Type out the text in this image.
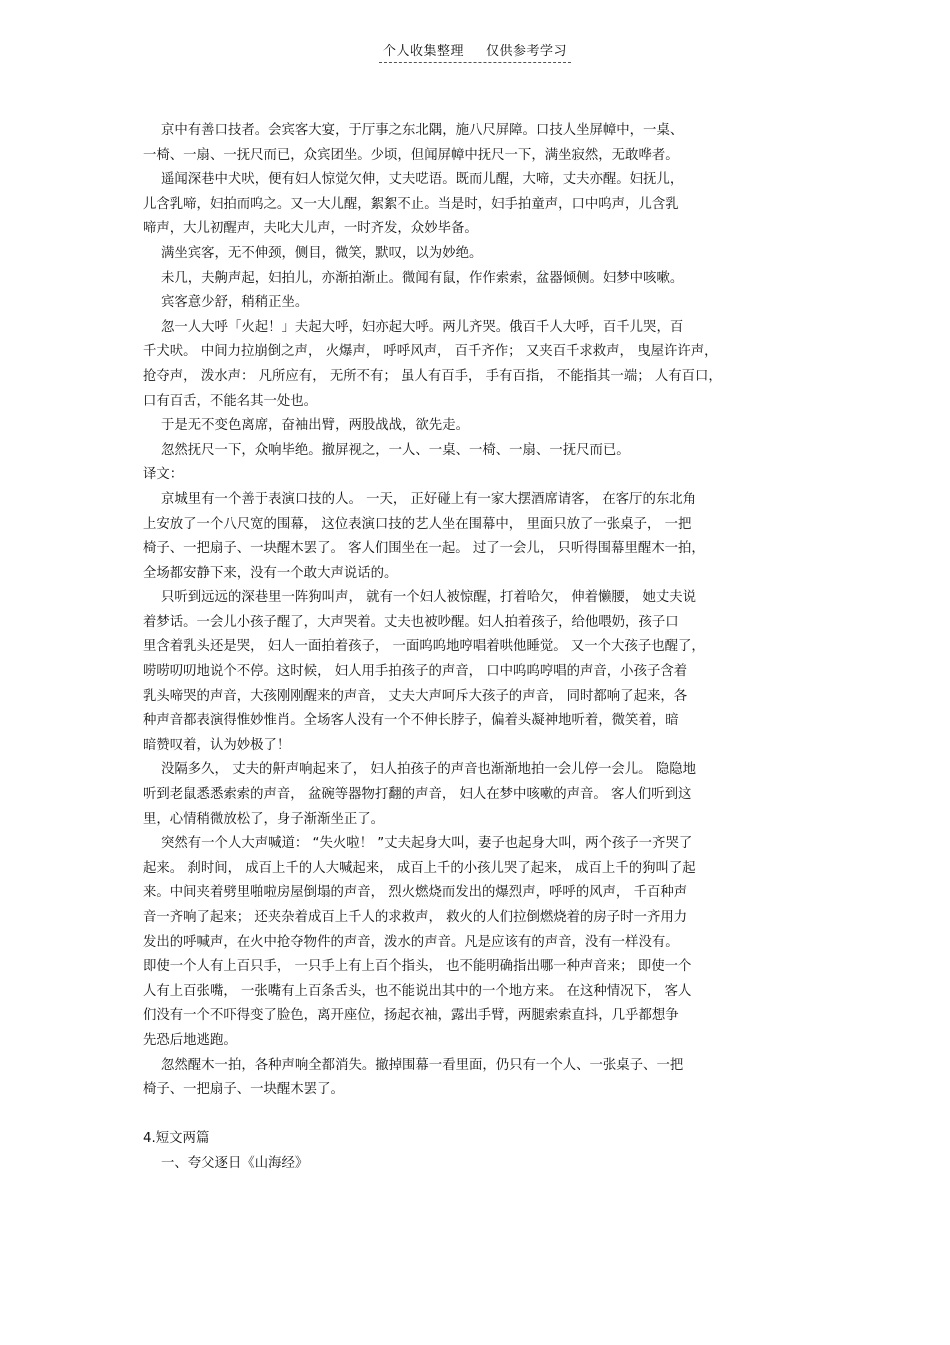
个人收集整理 仅供参考学习
京中有善口技者。会宾客大宴，于厅事之东北隅，施八尺屏障。口技人坐屏幛中，一桌、
一椅、一扇、一抚尺而已，众宾团坐。少顷，但闻屏幛中抚尺一下，满坐寂然，无敢哗者。
遥闻深巷中犬吠，便有妇人惊觉欠伸，丈夫呓语。既而儿醒，大啼，丈夫亦醒。妇抚儿，
儿含乳啼，妇拍而呜之。又一大儿醒，絮絮不止。当是时，妇手拍童声，口中呜声，儿含乳
啼声，大儿初醒声，夫叱大儿声，一时齐发，众妙毕备。
满坐宾客，无不伸颈，侧目，微笑，默叹，以为妙绝。
未几，夫齁声起，妇拍儿，亦渐拍渐止。微闻有鼠，作作索索，盆器倾侧。妇梦中咳嗽。
宾客意少舒，稍稍正坐。
忽一人大呼「火起！」夫起大呼，妇亦起大呼。两儿齐哭。俄百千人大呼，百千儿哭，百
千犬吠。 中间力拉崩倒之声， 火爆声， 呼呼风声， 百千齐作； 又夹百千求救声， 曳屋许许声，
抢夺声， 泼水声： 凡所应有， 无所不有； 虽人有百手， 手有百指， 不能指其一端； 人有百口，
口有百舌，不能名其一处也。
于是无不变色离席，奋袖出臂，两股战战，欲先走。
忽然抚尺一下，众响毕绝。撤屏视之，一人、一桌、一椅、一扇、一抚尺而已。
译文：
京城里有一个善于表演口技的人。 一天， 正好碰上有一家大摆酒席请客， 在客厅的东北角
上安放了一个八尺宽的围幕， 这位表演口技的艺人坐在围幕中， 里面只放了一张桌子， 一把
椅子、一把扇子、一块醒木罢了。 客人们围坐在一起。 过了一会儿， 只听得围幕里醒木一拍，
全场都安静下来，没有一个敢大声说话的。
只听到远远的深巷里一阵狗叫声， 就有一个妇人被惊醒，打着哈欠， 伸着懒腰， 她丈夫说
着梦话。一会儿小孩子醒了，大声哭着。丈夫也被吵醒。妇人拍着孩子，给他喂奶，孩子口
里含着乳头还是哭， 妇人一面拍着孩子， 一面呜呜地哼唱着哄他睡觉。 又一个大孩子也醒了，
唠唠叨叨地说个不停。这时候， 妇人用手拍孩子的声音， 口中呜呜哼唱的声音，小孩子含着
乳头啼哭的声音，大孩刚刚醒来的声音， 丈夫大声呵斥大孩子的声音， 同时都响了起来，各
种声音都表演得惟妙惟肖。全场客人没有一个不伸长脖子，偏着头凝神地听着，微笑着，暗
暗赞叹着，认为妙极了！
没隔多久， 丈夫的鼾声响起来了， 妇人拍孩子的声音也渐渐地拍一会儿停一会儿。 隐隐地
听到老鼠悉悉索索的声音， 盆碗等器物打翻的声音， 妇人在梦中咳嗽的声音。 客人们听到这
里，心情稍微放松了，身子渐渐坐正了。
突然有一个人大声喊道： “失火啦！ ”丈夫起身大叫，妻子也起身大叫，两个孩子一齐哭了
起来。 刹时间， 成百上千的人大喊起来， 成百上千的小孩儿哭了起来， 成百上千的狗叫了起
来。中间夹着劈里啪啦房屋倒塌的声音， 烈火燃烧而发出的爆烈声，呼呼的风声， 千百种声
音一齐响了起来； 还夹杂着成百上千人的求救声， 救火的人们拉倒燃烧着的房子时一齐用力
发出的呼喊声，在火中抢夺物件的声音，泼水的声音。凡是应该有的声音，没有一样没有。
即使一个人有上百只手， 一只手上有上百个指头， 也不能明确指出哪一种声音来； 即使一个
人有上百张嘴， 一张嘴有上百条舌头，也不能说出其中的一个地方来。 在这种情况下， 客人
们没有一个不吓得变了脸色，离开座位，扬起衣袖，露出手臂，两腿索索直抖，几乎都想争
先恐后地逃跑。
忽然醒木一拍，各种声响全都消失。撤掉围幕一看里面，仍只有一个人、一张桌子、一把
椅子、一把扇子、一块醒木罢了。
4.短文两篇
一、夸父逐日《山海经》
